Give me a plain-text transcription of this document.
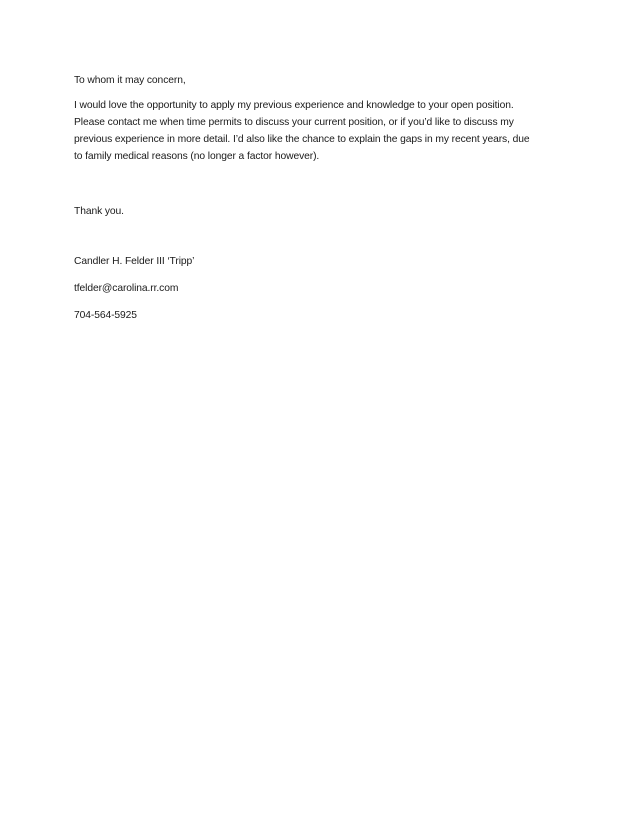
To whom it may concern,
I would love the opportunity to apply my previous experience and knowledge to your open position.
Please contact me when time permits to discuss your current position, or if you’d like to discuss my
previous experience in more detail. I’d also like the chance to explain the gaps in my recent years, due
to family medical reasons (no longer a factor however).
Thank you.
Candler H. Felder III ‘Tripp’
tfelder@carolina.rr.com
704-564-5925
